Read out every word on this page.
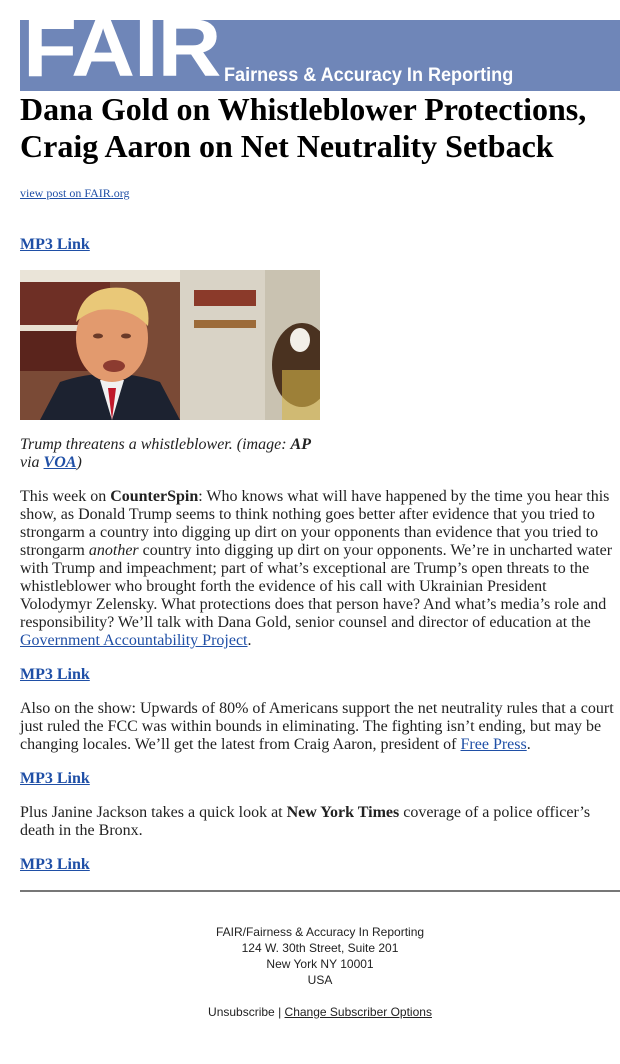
FAIR Fairness & Accuracy In Reporting
Dana Gold on Whistleblower Protections, Craig Aaron on Net Neutrality Setback
view post on FAIR.org
MP3 Link
Trump threatens a whistleblower. (image: AP via VOA)

This week on CounterSpin: Who knows what will have happened by the time you hear this show, as Donald Trump seems to think nothing goes better after evidence that you tried to strongarm a country into digging up dirt on your opponents than evidence that you tried to strongarm another country into digging up dirt on your opponents. We’re in uncharted water with Trump and impeachment; part of what’s exceptional are Trump’s open threats to the whistleblower who brought forth the evidence of his call with Ukrainian President Volodymyr Zelensky. What protections does that person have? And what’s media’s role and responsibility? We’ll talk with Dana Gold, senior counsel and director of education at the Government Accountability Project.

MP3 Link

Also on the show: Upwards of 80% of Americans support the net neutrality rules that a court just ruled the FCC was within bounds in eliminating. The fighting isn’t ending, but may be changing locales. We’ll get the latest from Craig Aaron, president of Free Press.

MP3 Link

Plus Janine Jackson takes a quick look at New York Times coverage of a police officer’s death in the Bronx.

MP3 Link

FAIR/Fairness & Accuracy In Reporting
124 W. 30th Street, Suite 201
New York NY 10001
USA
Unsubscribe | Change Subscriber Options
